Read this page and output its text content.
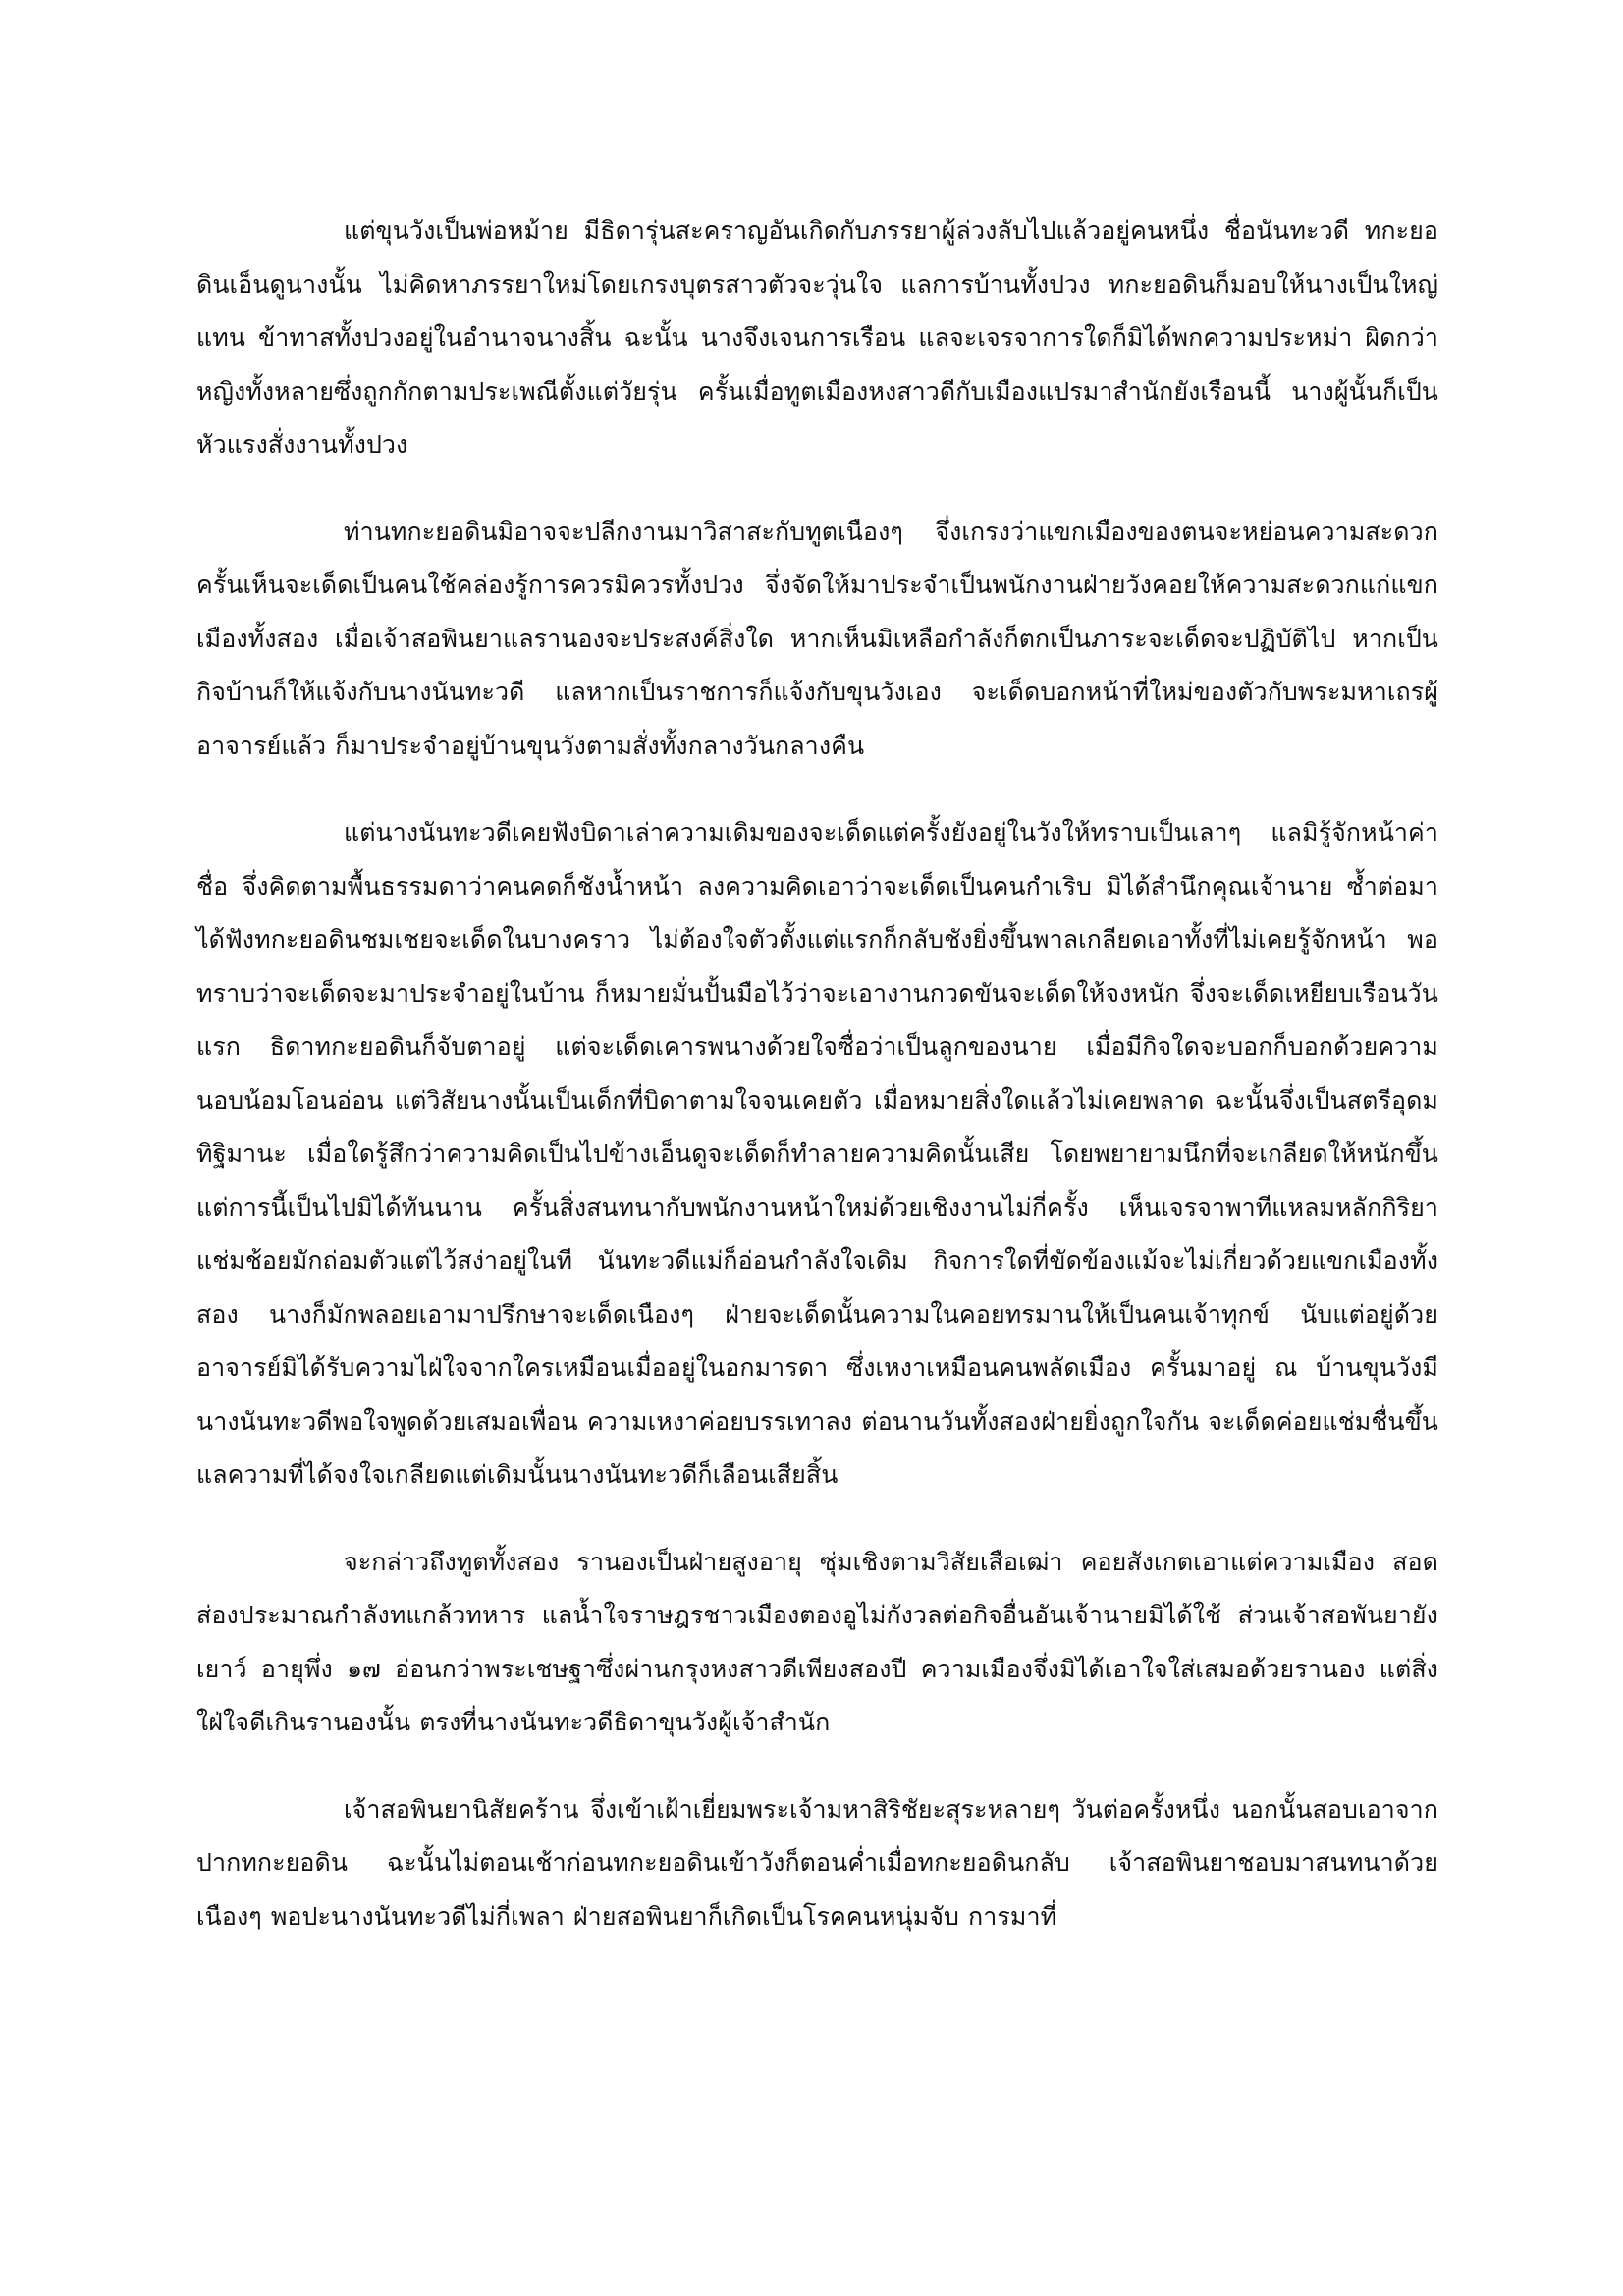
แต่ขุนวังเป็นพ่อหม้าย มีธิดารุ่นสะคราญอันเกิดกับภรรยาผู้ล่วงลับไปแล้วอยู่คนหนึ่ง ชื่อนันทะวดี ทกะยอดินเอ็นดูนางนั้น ไม่คิดหาภรรยาใหม่โดยเกรงบุตรสาวตัวจะวุ่นใจ แลการบ้านทั้งปวง ทกะยอดินก็มอบให้นางเป็นใหญ่แทน ข้าทาสทั้งปวงอยู่ในอำนาจนางสิ้น ฉะนั้น นางจึงเจนการเรือน แลจะเจรจาการใดก็มิได้พกความประหม่า ผิดกว่าหญิงทั้งหลายซึ่งถูกกักตามประเพณีตั้งแต่วัยรุ่น ครั้นเมื่อทูตเมืองหงสาวดีกับเมืองแปรมาสำนักยังเรือนนี้ นางผู้นั้นก็เป็นหัวแรงสั่งงานทั้งปวง

ท่านทกะยอดินมิอาจจะปลีกงานมาวิสาสะกับทูตเนืองๆ จึ่งเกรงว่าแขกเมืองของตนจะหย่อนความสะดวก ครั้นเห็นจะเด็ดเป็นคนใช้คล่องรู้การควรมิควรทั้งปวง จึ่งจัดให้มาประจำเป็นพนักงานฝ่ายวังคอยให้ความสะดวกแก่แขกเมืองทั้งสอง เมื่อเจ้าสอพินยาแลรานองจะประสงค์สิ่งใด หากเห็นมิเหลือกำลังก็ตกเป็นภาระจะเด็ดจะปฏิบัติไป หากเป็นกิจบ้านก็ให้แจ้งกับนางนันทะวดี แลหากเป็นราชการก็แจ้งกับขุนวังเอง จะเด็ดบอกหน้าที่ใหม่ของตัวกับพระมหาเถรผู้อาจารย์แล้ว ก็มาประจำอยู่บ้านขุนวังตามสั่งทั้งกลางวันกลางคืน

แต่นางนันทะวดีเคยฟังบิดาเล่าความเดิมของจะเด็ดแต่ครั้งยังอยู่ในวังให้ทราบเป็นเลาๆ แลมิรู้จักหน้าค่าชื่อ จึ่งคิดตามพื้นธรรมดาว่าคนคดก็ชังน้ำหน้า ลงความคิดเอาว่าจะเด็ดเป็นคนกำเริบ มิได้สำนึกคุณเจ้านาย ซ้ำต่อมาได้ฟังทกะยอดินชมเชยจะเด็ดในบางคราว ไม่ต้องใจตัวตั้งแต่แรกก็กลับชังยิ่งขึ้นพาลเกลียดเอาทั้งที่ไม่เคยรู้จักหน้า พอทราบว่าจะเด็ดจะมาประจำอยู่ในบ้าน ก็หมายมั่นปั้นมือไว้ว่าจะเอางานกวดขันจะเด็ดให้จงหนัก จึ่งจะเด็ดเหยียบเรือนวันแรก ธิดาทกะยอดินก็จับตาอยู่ แต่จะเด็ดเคารพนางด้วยใจซื่อว่าเป็นลูกของนาย เมื่อมีกิจใดจะบอกก็บอกด้วยความนอบน้อมโอนอ่อน แต่วิสัยนางนั้นเป็นเด็กที่บิดาตามใจจนเคยตัว เมื่อหมายสิ่งใดแล้วไม่เคยพลาด ฉะนั้นจึ่งเป็นสตรีอุดมทิฐิมานะ เมื่อใดรู้สึกว่าความคิดเป็นไปข้างเอ็นดูจะเด็ดก็ทำลายความคิดนั้นเสีย โดยพยายามนึกที่จะเกลียดให้หนักขึ้น แต่การนี้เป็นไปมิได้ทันนาน ครั้นสิ่งสนทนากับพนักงานหน้าใหม่ด้วยเชิงงานไม่กี่ครั้ง เห็นเจรจาพาทีแหลมหลักกิริยาแช่มช้อยมักถ่อมตัวแต่ไว้สง่าอยู่ในที นันทะวดีแม่ก็อ่อนกำลังใจเดิม กิจการใดที่ขัดข้องแม้จะไม่เกี่ยวด้วยแขกเมืองทั้งสอง นางก็มักพลอยเอามาปรึกษาจะเด็ดเนืองๆ ฝ่ายจะเด็ดนั้นความในคอยทรมานให้เป็นคนเจ้าทุกข์ นับแต่อยู่ด้วยอาจารย์มิได้รับความไฝ่ใจจากใครเหมือนเมื่ออยู่ในอกมารดา ซึ่งเหงาเหมือนคนพลัดเมือง ครั้นมาอยู่ ณ บ้านขุนวังมีนางนันทะวดีพอใจพูดด้วยเสมอเพื่อน ความเหงาค่อยบรรเทาลง ต่อนานวันทั้งสองฝ่ายยิ่งถูกใจกัน จะเด็ดค่อยแช่มชื่นขึ้น แลความที่ได้จงใจเกลียดแต่เดิมนั้นนางนันทะวดีก็เลือนเสียสิ้น

จะกล่าวถึงทูตทั้งสอง รานองเป็นฝ่ายสูงอายุ ซุ่มเชิงตามวิสัยเสือเฒ่า คอยสังเกตเอาแต่ความเมือง สอดส่องประมาณกำลังทแกล้วทหาร แลน้ำใจราษฎรชาวเมืองตองอูไม่กังวลต่อกิจอื่นอันเจ้านายมิได้ใช้ ส่วนเจ้าสอพันยายังเยาว์ อายุพึ่ง ๑๗ อ่อนกว่าพระเชษฐาซึ่งผ่านกรุงหงสาวดีเพียงสองปี ความเมืองจึ่งมิได้เอาใจใส่เสมอด้วยรานอง แต่สิ่งใฝ่ใจดีเกินรานองนั้น ตรงที่นางนันทะวดีธิดาขุนวังผู้เจ้าสำนัก

เจ้าสอพินยานิสัยคร้าน จึ่งเข้าเฝ้าเยี่ยมพระเจ้ามหาสิริชัยะสุระหลายๆ วันต่อครั้งหนึ่ง นอกนั้นสอบเอาจากปากทกะยอดิน ฉะนั้นไม่ตอนเช้าก่อนทกะยอดินเข้าวังก็ตอนค่ำเมื่อทกะยอดินกลับ เจ้าสอพินยาชอบมาสนทนาด้วยเนืองๆ พอปะนางนันทะวดีไม่กี่เพลา ฝ่ายสอพินยาก็เกิดเป็นโรคคนหนุ่มจับ การมาที่
